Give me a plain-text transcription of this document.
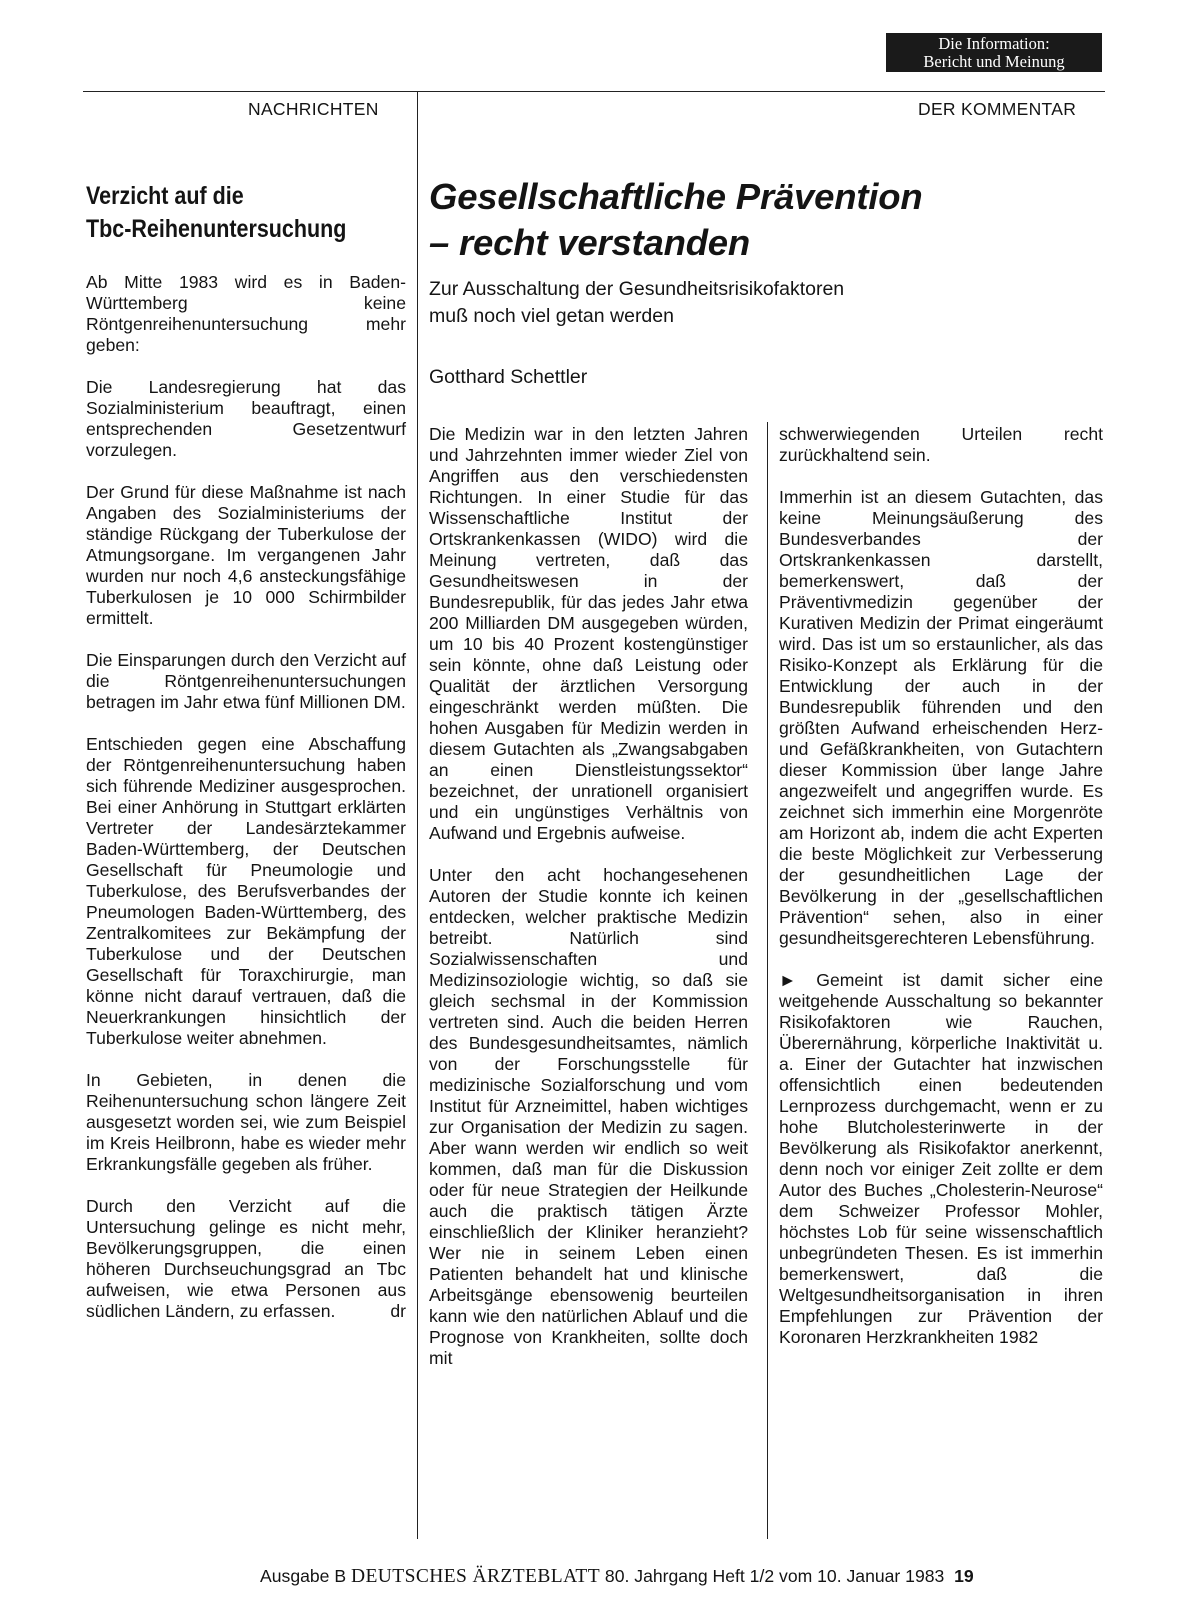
Die Information:
Bericht und Meinung
NACHRICHTEN	DER KOMMENTAR
Verzicht auf die
Tbc-Reihenuntersuchung

Ab Mitte 1983 wird es in Baden-Württemberg keine Röntgenreihenuntersuchung mehr geben:

Die Landesregierung hat das Sozialministerium beauftragt, einen entsprechenden Gesetzentwurf vorzulegen.

Der Grund für diese Maßnahme ist nach Angaben des Sozialministeriums der ständige Rückgang der Tuberkulose der Atmungsorgane. Im vergangenen Jahr wurden nur noch 4,6 ansteckungsfähige Tuberkulosen je 10 000 Schirmbilder ermittelt.

Die Einsparungen durch den Verzicht auf die Röntgenreihenuntersuchungen betragen im Jahr etwa fünf Millionen DM.

Entschieden gegen eine Abschaffung der Röntgenreihenuntersuchung haben sich führende Mediziner ausgesprochen. Bei einer Anhörung in Stuttgart erklärten Vertreter der Landesärztekammer Baden-Württemberg, der Deutschen Gesellschaft für Pneumologie und Tuberkulose, des Berufsverbandes der Pneumologen Baden-Württemberg, des Zentralkomitees zur Bekämpfung der Tuberkulose und der Deutschen Gesellschaft für Toraxchirurgie, man könne nicht darauf vertrauen, daß die Neuerkrankungen hinsichtlich der Tuberkulose weiter abnehmen.

In Gebieten, in denen die Reihenuntersuchung schon längere Zeit ausgesetzt worden sei, wie zum Beispiel im Kreis Heilbronn, habe es wieder mehr Erkrankungsfälle gegeben als früher.

Durch den Verzicht auf die Untersuchung gelinge es nicht mehr, Bevölkerungsgruppen, die einen höheren Durchseuchungsgrad an Tbc aufweisen, wie etwa Personen aus südlichen Ländern, zu erfassen.	dr

Gesellschaftliche Prävention
– recht verstanden

Zur Ausschaltung der Gesundheitsrisikofaktoren
muß noch viel getan werden

Gotthard Schettler

Die Medizin war in den letzten Jahren und Jahrzehnten immer wieder Ziel von Angriffen aus den verschiedensten Richtungen. In einer Studie für das Wissenschaftliche Institut der Ortskrankenkassen (WIDO) wird die Meinung vertreten, daß das Gesundheitswesen in der Bundesrepublik, für das jedes Jahr etwa 200 Milliarden DM ausgegeben würden, um 10 bis 40 Prozent kostengünstiger sein könnte, ohne daß Leistung oder Qualität der ärztlichen Versorgung eingeschränkt werden müßten. Die hohen Ausgaben für Medizin werden in diesem Gutachten als „Zwangsabgaben an einen Dienstleistungssektor“ bezeichnet, der unrationell organisiert und ein ungünstiges Verhältnis von Aufwand und Ergebnis aufweise.

Unter den acht hochangesehenen Autoren der Studie konnte ich keinen entdecken, welcher praktische Medizin betreibt. Natürlich sind Sozialwissenschaften und Medizinsoziologie wichtig, so daß sie gleich sechsmal in der Kommission vertreten sind. Auch die beiden Herren des Bundesgesundheitsamtes, nämlich von der Forschungsstelle für medizinische Sozialforschung und vom Institut für Arzneimittel, haben wichtiges zur Organisation der Medizin zu sagen. Aber wann werden wir endlich so weit kommen, daß man für die Diskussion oder für neue Strategien der Heilkunde auch die praktisch tätigen Ärzte einschließlich der Kliniker heranzieht? Wer nie in seinem Leben einen Patienten behandelt hat und klinische Arbeitsgänge ebensowenig beurteilen kann wie den natürlichen Ablauf und die Prognose von Krankheiten, sollte doch mit

schwerwiegenden Urteilen recht zurückhaltend sein.

Immerhin ist an diesem Gutachten, das keine Meinungsäußerung des Bundesverbandes der Ortskrankenkassen darstellt, bemerkenswert, daß der Präventivmedizin gegenüber der Kurativen Medizin der Primat eingeräumt wird. Das ist um so erstaunlicher, als das Risiko-Konzept als Erklärung für die Entwicklung der auch in der Bundesrepublik führenden und den größten Aufwand erheischenden Herz- und Gefäßkrankheiten, von Gutachtern dieser Kommission über lange Jahre angezweifelt und angegriffen wurde. Es zeichnet sich immerhin eine Morgenröte am Horizont ab, indem die acht Experten die beste Möglichkeit zur Verbesserung der gesundheitlichen Lage der Bevölkerung in der „gesellschaftlichen Prävention“ sehen, also in einer gesundheitsgerechteren Lebensführung.

► Gemeint ist damit sicher eine weitgehende Ausschaltung so bekannter Risikofaktoren wie Rauchen, Überernährung, körperliche Inaktivität u. a. Einer der Gutachter hat inzwischen offensichtlich einen bedeutenden Lernprozess durchgemacht, wenn er zu hohe Blutcholesterinwerte in der Bevölkerung als Risikofaktor anerkennt, denn noch vor einiger Zeit zollte er dem Autor des Buches „Cholesterin-Neurose“ dem Schweizer Professor Mohler, höchstes Lob für seine wissenschaftlich unbegründeten Thesen. Es ist immerhin bemerkenswert, daß die Weltgesundheitsorganisation in ihren Empfehlungen zur Prävention der Koronaren Herzkrankheiten 1982

Ausgabe B DEUTSCHES ÄRZTEBLATT 80. Jahrgang Heft 1/2 vom 10. Januar 1983 19
